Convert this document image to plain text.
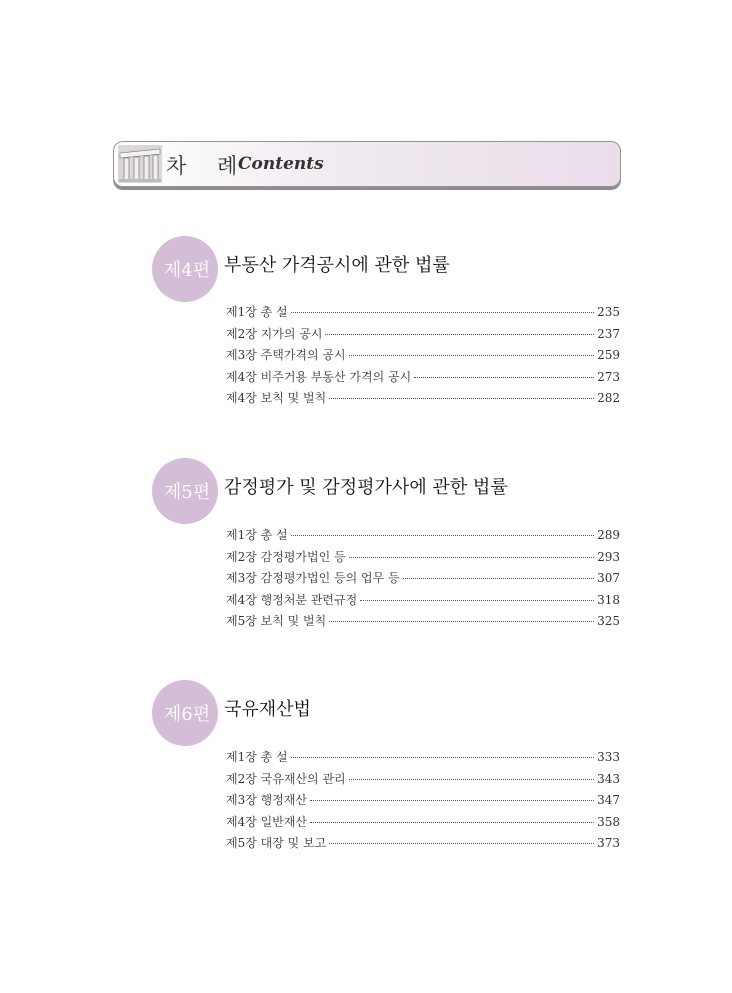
차 례
Contents
제4편 부동산 가격공시에 관한 법률
제1장 총 설	235
제2장 지가의 공시	237
제3장 주택가격의 공시	259
제4장 비주거용 부동산 가격의 공시	273
제4장 보칙 및 벌칙	282
제5편 감정평가 및 감정평가사에 관한 법률
제1장 총 설	289
제2장 감정평가법인 등	293
제3장 감정평가법인 등의 업무 등	307
제4장 행정처분 관련규정	318
제5장 보칙 및 벌칙	325
제6편 국유재산법
제1장 총 설	333
제2장 국유재산의 관리	343
제3장 행정재산	347
제4장 일반재산	358
제5장 대장 및 보고	373
